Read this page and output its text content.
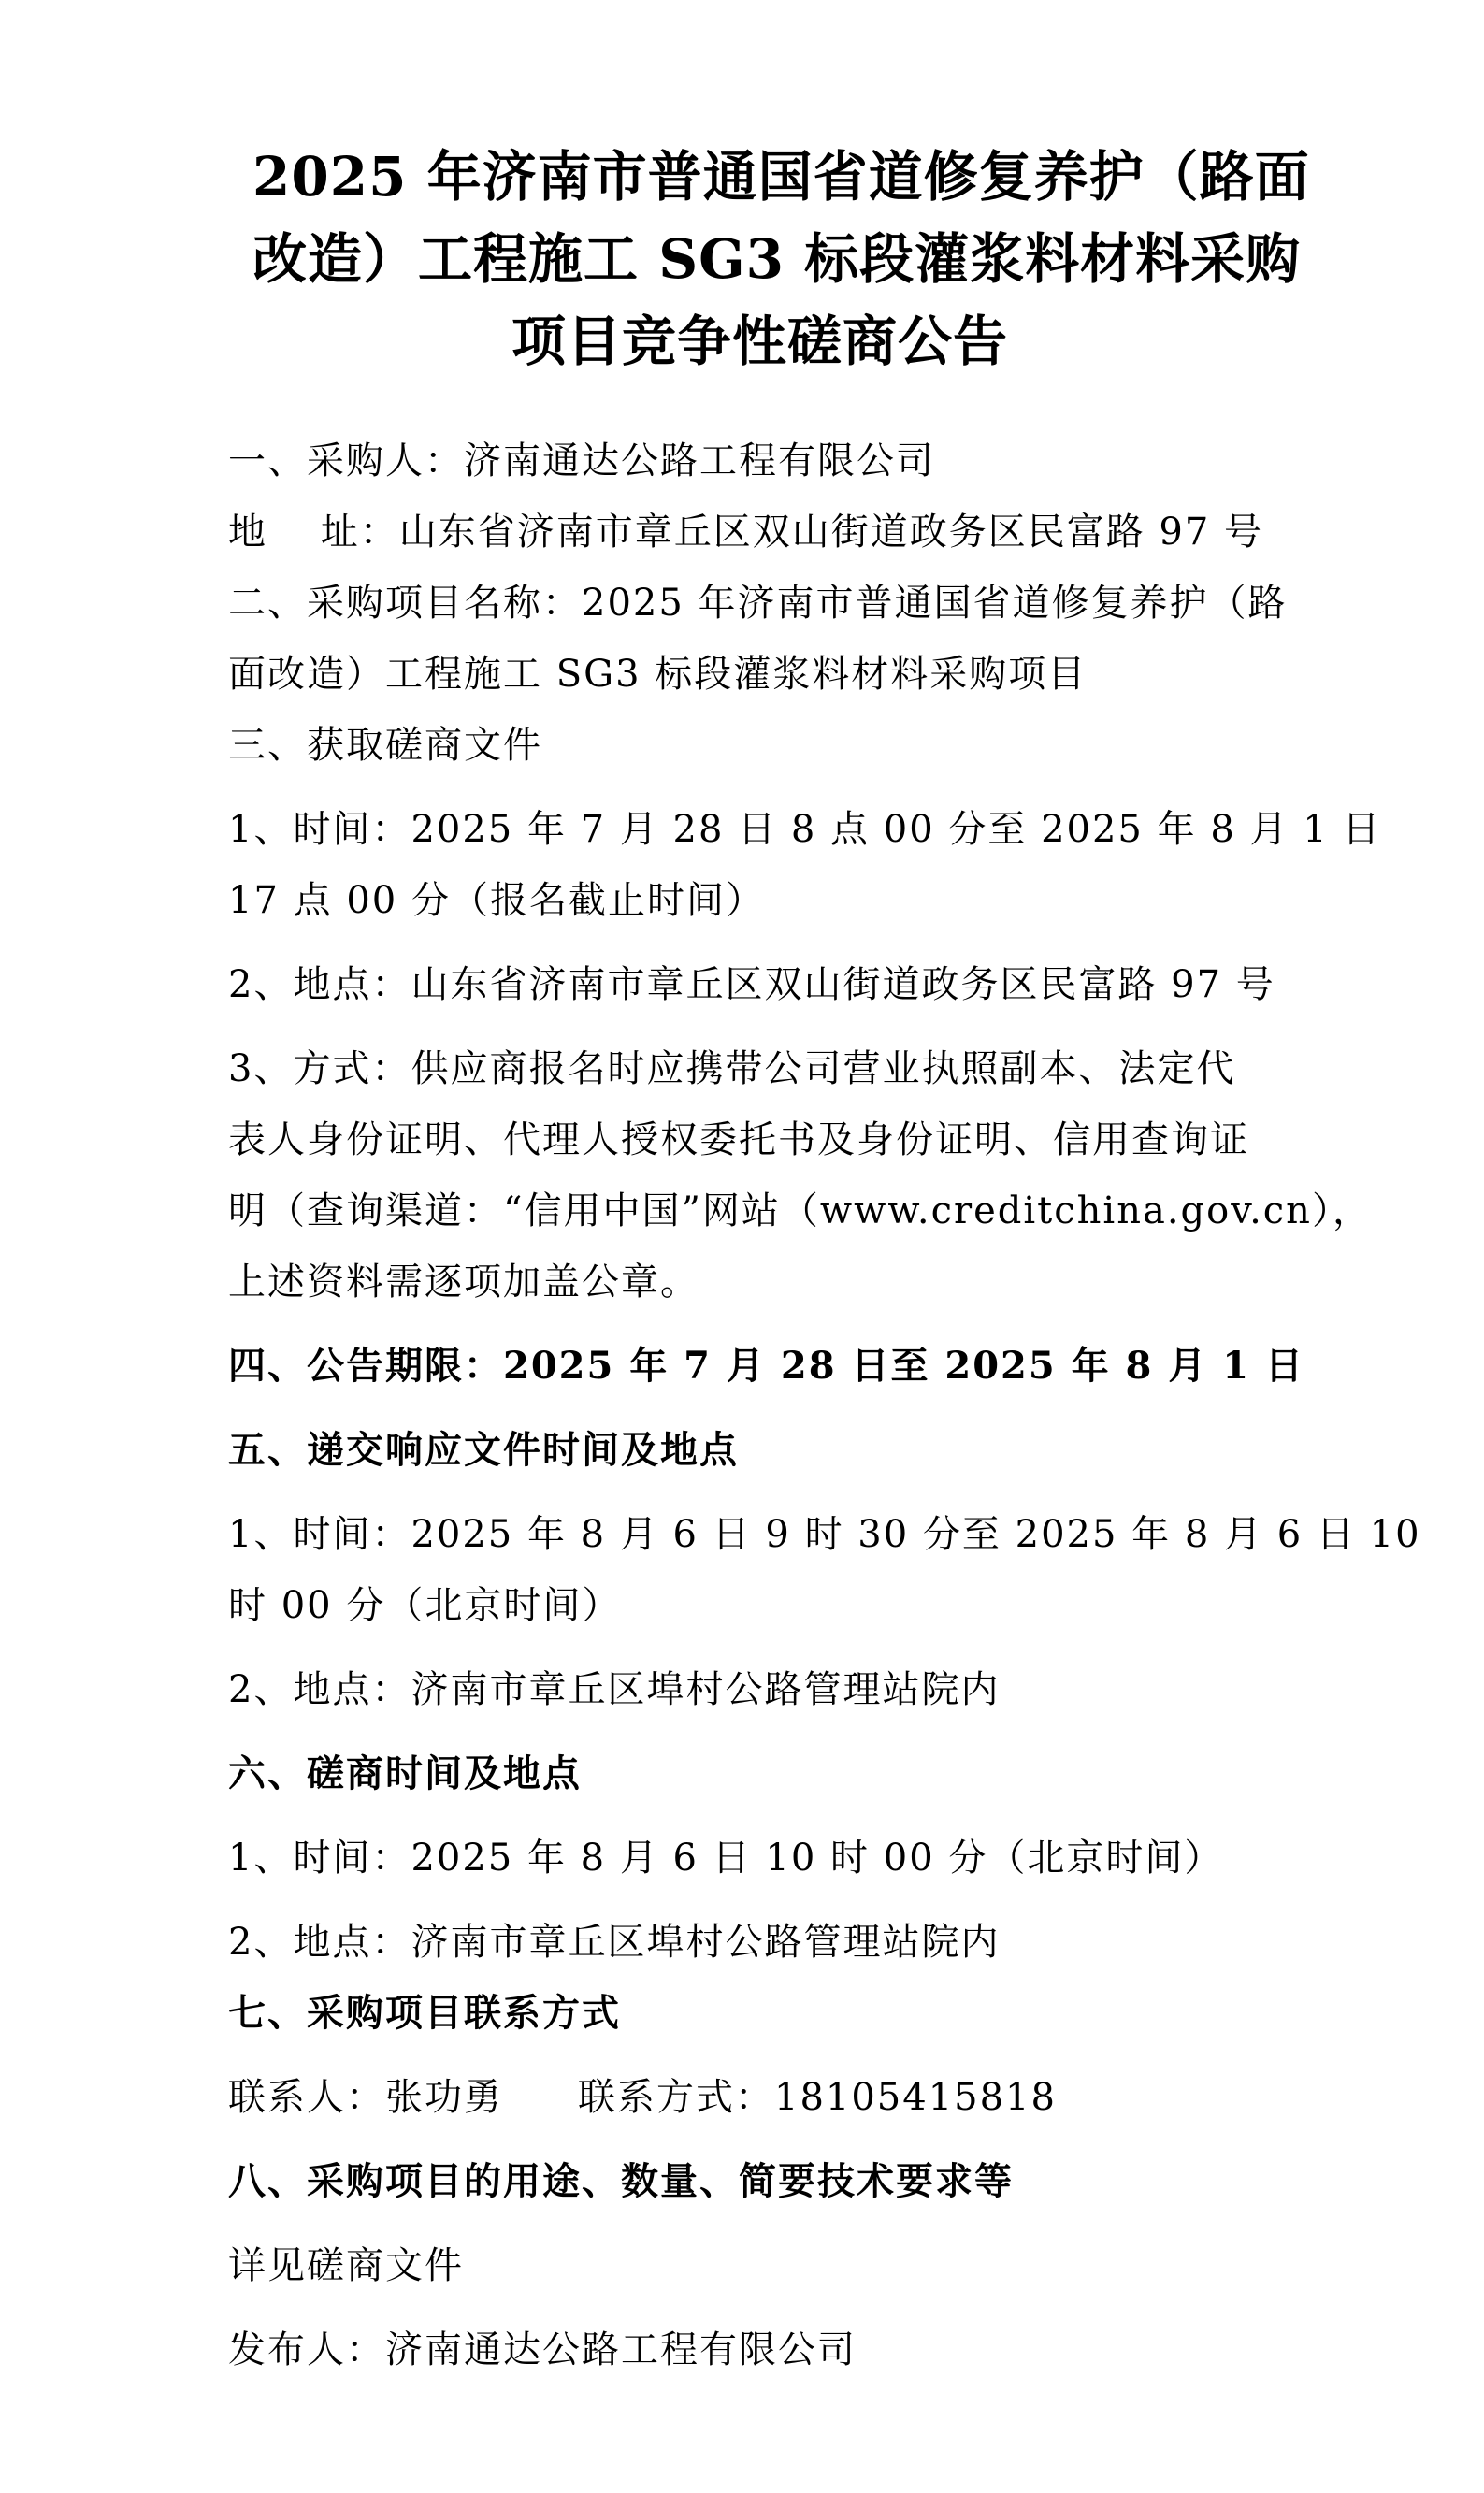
2025 年济南市普通国省道修复养护（路面
改造）工程施工 SG3 标段灌浆料材料采购
项目竞争性磋商公告
一、采购人：济南通达公路工程有限公司
地　 址：山东省济南市章丘区双山街道政务区民富路 97 号
二、采购项目名称：2025 年济南市普通国省道修复养护（路
面改造）工程施工 SG3 标段灌浆料材料采购项目
三、获取磋商文件
1、时间：2025 年 7 月 28 日 8 点 00 分至 2025 年 8 月 1 日
17 点 00 分（报名截止时间）
2、地点：山东省济南市章丘区双山街道政务区民富路 97 号
3、方式：供应商报名时应携带公司营业执照副本、法定代
表人身份证明、代理人授权委托书及身份证明、信用查询证
明（查询渠道：“信用中国”网站（www.creditchina.gov.cn），
上述资料需逐项加盖公章。
四、公告期限：2025 年 7 月 28 日至 2025 年 8 月 1 日
五、递交响应文件时间及地点
1、时间：2025 年 8 月 6 日 9 时 30 分至 2025 年 8 月 6 日 10
时 00 分（北京时间）
2、地点：济南市章丘区埠村公路管理站院内
六、磋商时间及地点
1、时间：2025 年 8 月 6 日 10 时 00 分（北京时间）
2、地点：济南市章丘区埠村公路管理站院内
七、采购项目联系方式
联系人：张功勇 联系方式：18105415818
八、采购项目的用途、数量、简要技术要求等
详见磋商文件
发布人：济南通达公路工程有限公司
